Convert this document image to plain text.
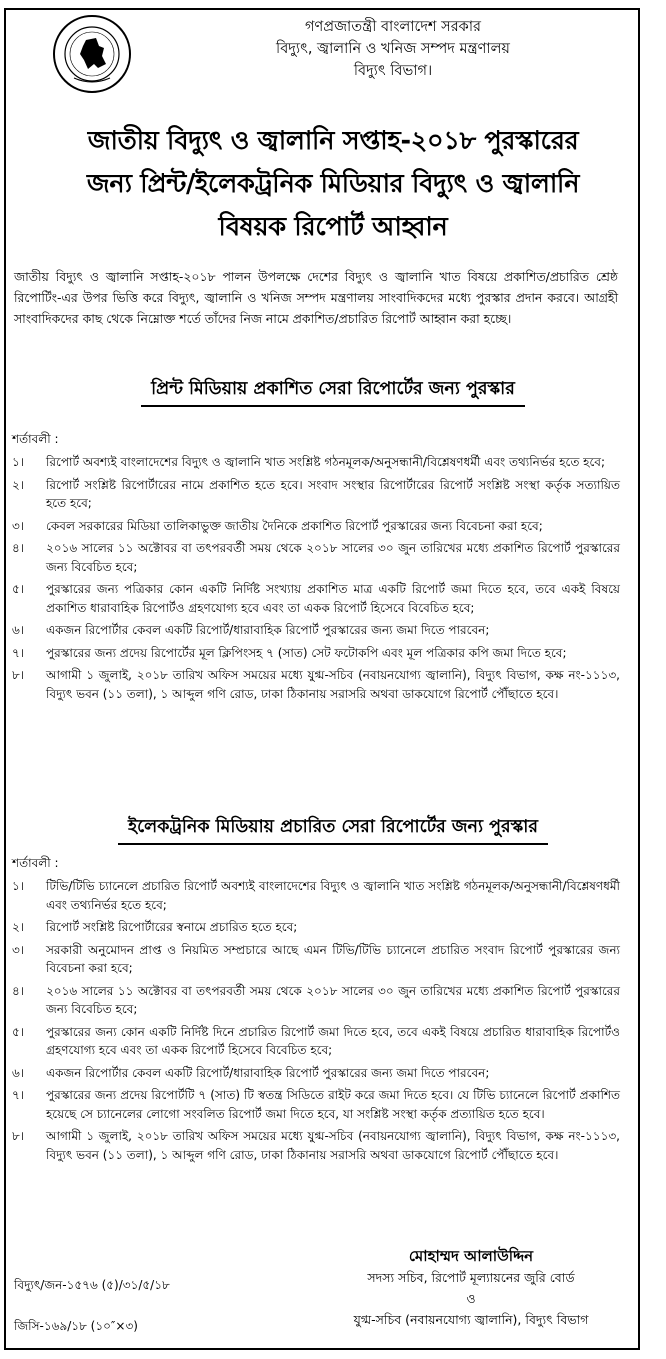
গণপ্রজাতন্ত্রী বাংলাদেশ সরকার
বিদ্যুৎ, জ্বালানি ও খনিজ সম্পদ মন্ত্রণালয়
বিদ্যুৎ বিভাগ।
জাতীয় বিদ্যুৎ ও জ্বালানি সপ্তাহ-২০১৮ পুরস্কারের
জন্য প্রিন্ট/ইলেকট্রনিক মিডিয়ার বিদ্যুৎ ও জ্বালানি
বিষয়ক রিপোর্ট আহ্বান
জাতীয় বিদ্যুৎ ও জ্বালানি সপ্তাহ-২০১৮ পালন উপলক্ষে দেশের বিদ্যুৎ ও জ্বালানি খাত বিষয়ে প্রকাশিত/প্রচারিত শ্রেষ্ঠ রিপোর্টিং-এর উপর ভিত্তি করে বিদ্যুৎ, জ্বালানি ও খনিজ সম্পদ মন্ত্রণালয় সাংবাদিকদের মধ্যে পুরস্কার প্রদান করবে। আগ্রহী সাংবাদিকদের কাছ থেকে নিম্নোক্ত শর্তে তাঁদের নিজ নামে প্রকাশিত/প্রচারিত রিপোর্ট আহ্বান করা হচ্ছে।
প্রিন্ট মিডিয়ায় প্রকাশিত সেরা রিপোর্টের জন্য পুরস্কার
শর্তাবলী :
১।	রিপোর্ট অবশ্যই বাংলাদেশের বিদ্যুৎ ও জ্বালানি খাত সংশ্লিষ্ট গঠনমূলক/অনুসন্ধানী/বিশ্লেষণধর্মী এবং তথ্যনির্ভর হতে হবে;
২।	রিপোর্ট সংশ্লিষ্ট রিপোর্টারের নামে প্রকাশিত হতে হবে। সংবাদ সংস্থার রিপোর্টারের রিপোর্ট সংশ্লিষ্ট সংস্থা কর্তৃক সত্যায়িত হতে হবে;
৩।	কেবল সরকারের মিডিয়া তালিকাভুক্ত জাতীয় দৈনিকে প্রকাশিত রিপোর্ট পুরস্কারের জন্য বিবেচনা করা হবে;
৪।	২০১৬ সালের ১১ অক্টোবর বা তৎপরবর্তী সময় থেকে ২০১৮ সালের ৩০ জুন তারিখের মধ্যে প্রকাশিত রিপোর্ট পুরস্কারের জন্য বিবেচিত হবে;
৫।	পুরস্কারের জন্য পত্রিকার কোন একটি নির্দিষ্ট সংখ্যায় প্রকাশিত মাত্র একটি রিপোর্ট জমা দিতে হবে, তবে একই বিষয়ে প্রকাশিত ধারাবাহিক রিপোর্টও গ্রহণযোগ্য হবে এবং তা একক রিপোর্ট হিসেবে বিবেচিত হবে;
৬।	একজন রিপোর্টার কেবল একটি রিপোর্ট/ধারাবাহিক রিপোর্ট পুরস্কারের জন্য জমা দিতে পারবেন;
৭।	পুরস্কারের জন্য প্রদেয় রিপোর্টের মূল ক্লিপিংসহ ৭ (সাত) সেট ফটোকপি এবং মূল পত্রিকার কপি জমা দিতে হবে;
৮।	আগামী ১ জুলাই, ২০১৮ তারিখ অফিস সময়ের মধ্যে যুগ্ম-সচিব (নবায়নযোগ্য জ্বালানি), বিদ্যুৎ বিভাগ, কক্ষ নং-১১১৩, বিদ্যুৎ ভবন (১১ তলা), ১ আব্দুল গণি রোড, ঢাকা ঠিকানায় সরাসরি অথবা ডাকযোগে রিপোর্ট পৌঁছাতে হবে।
ইলেকট্রনিক মিডিয়ায় প্রচারিত সেরা রিপোর্টের জন্য পুরস্কার
শর্তাবলী :
১।	টিভি/টিভি চ্যানেলে প্রচারিত রিপোর্ট অবশ্যই বাংলাদেশের বিদ্যুৎ ও জ্বালানি খাত সংশ্লিষ্ট গঠনমূলক/অনুসন্ধানী/বিশ্লেষণধর্মী এবং তথ্যনির্ভর হতে হবে;
২।	রিপোর্ট সংশ্লিষ্ট রিপোর্টারের স্বনামে প্রচারিত হতে হবে;
৩।	সরকারী অনুমোদন প্রাপ্ত ও নিয়মিত সম্প্রচারে আছে এমন টিভি/টিভি চ্যানেলে প্রচারিত সংবাদ রিপোর্ট পুরস্কারের জন্য বিবেচনা করা হবে;
৪।	২০১৬ সালের ১১ অক্টোবর বা তৎপরবর্তী সময় থেকে ২০১৮ সালের ৩০ জুন তারিখের মধ্যে প্রকাশিত রিপোর্ট পুরস্কারের জন্য বিবেচিত হবে;
৫।	পুরস্কারের জন্য কোন একটি নির্দিষ্ট দিনে প্রচারিত রিপোর্ট জমা দিতে হবে, তবে একই বিষয়ে প্রচারিত ধারাবাহিক রিপোর্টও গ্রহণযোগ্য হবে এবং তা একক রিপোর্ট হিসেবে বিবেচিত হবে;
৬।	একজন রিপোর্টার কেবল একটি রিপোর্ট/ধারাবাহিক রিপোর্ট পুরস্কারের জন্য জমা দিতে পারবেন;
৭।	পুরস্কারের জন্য প্রদেয় রিপোর্টটি ৭ (সাত) টি স্বতন্ত্র সিডিতে রাইট করে জমা দিতে হবে। যে টিভি চ্যানেলে রিপোর্ট প্রকাশিত হয়েছে সে চ্যানেলের লোগো সংবলিত রিপোর্ট জমা দিতে হবে, যা সংশ্লিষ্ট সংস্থা কর্তৃক প্রত্যায়িত হতে হবে।
৮।	আগামী ১ জুলাই, ২০১৮ তারিখ অফিস সময়ের মধ্যে যুগ্ম-সচিব (নবায়নযোগ্য জ্বালানি), বিদ্যুৎ বিভাগ, কক্ষ নং-১১১৩, বিদ্যুৎ ভবন (১১ তলা), ১ আব্দুল গণি রোড, ঢাকা ঠিকানায় সরাসরি অথবা ডাকযোগে রিপোর্ট পৌঁছাতে হবে।
মোহাম্মদ আলাউদ্দিন
সদস্য সচিব, রিপোর্ট মূল্যায়নের জুরি বোর্ড
ও
যুগ্ম-সচিব (নবায়নযোগ্য জ্বালানি), বিদ্যুৎ বিভাগ
বিদ্যুৎ/জন-১৫৭৬ (৫)/৩১/৫/১৮
জিসি-১৬৯/১৮ (১০″×৩)
